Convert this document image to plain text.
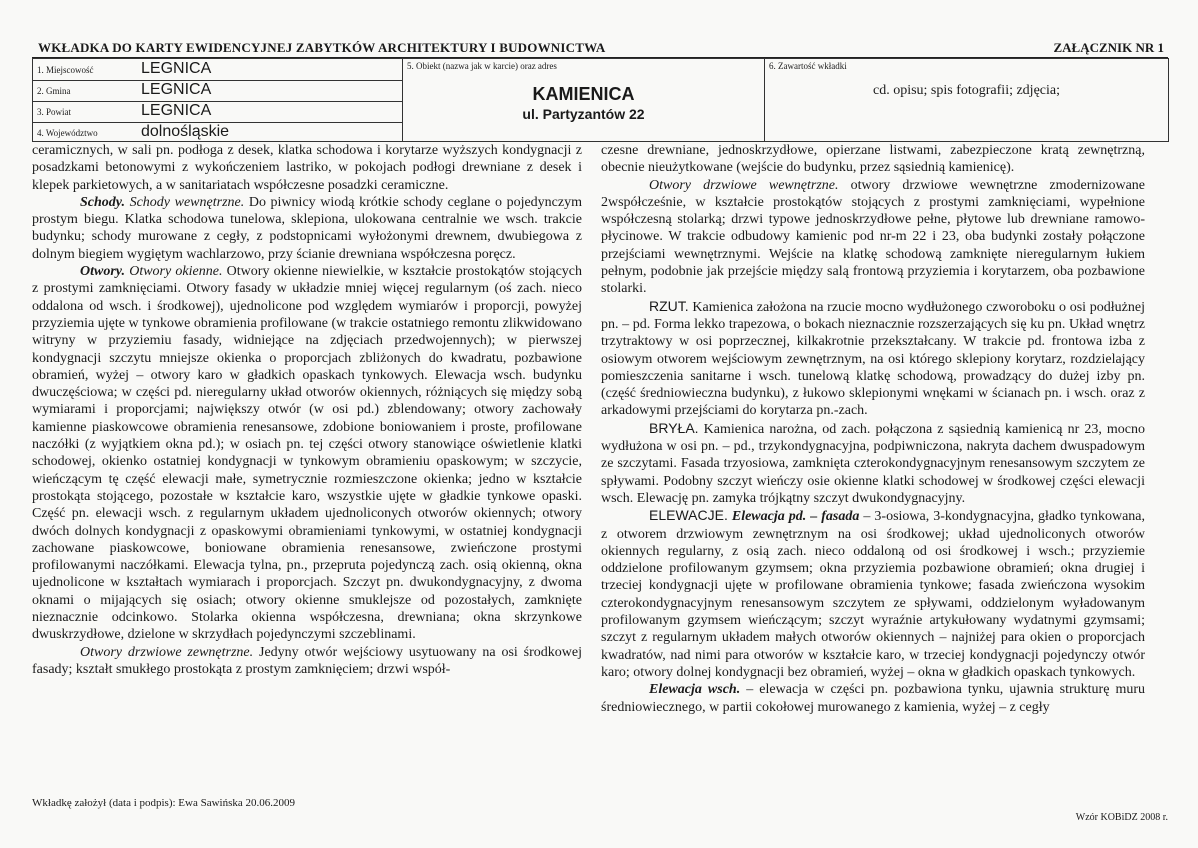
WKŁADKA DO KARTY EWIDENCYJNEJ ZABYTKÓW ARCHITEKTURY I BUDOWNICTWA	ZAŁĄCZNIK NR 1
1. Miejscowość	LEGNICA
2. Gmina	LEGNICA
3. Powiat	LEGNICA
4. Województwo	dolnośląskie
5. Obiekt (nazwa jak w karcie) oraz adres
KAMIENICA
ul. Partyzantów 22
6. Zawartość wkładki
cd. opisu; spis fotografii; zdjęcia;

ceramicznych, w sali pn. podłoga z desek, klatka schodowa i korytarze wyższych kondygnacji z posadzkami betonowymi z wykończeniem lastriko, w pokojach podłogi drewniane z desek i klepek parkietowych, a w sanitariatach współczesne posadzki ceramiczne.

Schody. Schody wewnętrzne. Do piwnicy wiodą krótkie schody ceglane o pojedynczym prostym biegu. Klatka schodowa tunelowa, sklepiona, ulokowana centralnie we wsch. trakcie budynku; schody murowane z cegły, z podstopnicami wyłożonymi drewnem, dwubiegowa z dolnym biegiem wygiętym wachlarzowo, przy ścianie drewniana współczesna poręcz.

Otwory. Otwory okienne. Otwory okienne niewielkie, w kształcie prostokątów stojących z prostymi zamknięciami. Otwory fasady w układzie mniej więcej regularnym (oś zach. nieco oddalona od wsch. i środkowej), ujednolicone pod względem wymiarów i proporcji, powyżej przyziemia ujęte w tynkowe obramienia profilowane (w trakcie ostatniego remontu zlikwidowano witryny w przyziemiu fasady, widniejące na zdjęciach przedwojennych); w pierwszej kondygnacji szczytu mniejsze okienka o proporcjach zbliżonych do kwadratu, pozbawione obramień, wyżej – otwory karo w gładkich opaskach tynkowych. Elewacja wsch. budynku dwuczęściowa; w części pd. nieregularny układ otworów okiennych, różniących się między sobą wymiarami i proporcjami; największy otwór (w osi pd.) zblendowany; otwory zachowały kamienne piaskowcowe obramienia renesansowe, zdobione boniowaniem i proste, profilowane naczółki (z wyjątkiem okna pd.); w osiach pn. tej części otwory stanowiące oświetlenie klatki schodowej, okienko ostatniej kondygnacji w tynkowym obramieniu opaskowym; w szczycie, wieńczącym tę część elewacji małe, symetrycznie rozmieszczone okienka; jedno w kształcie prostokąta stojącego, pozostałe w kształcie karo, wszystkie ujęte w gładkie tynkowe opaski. Część pn. elewacji wsch. z regularnym układem ujednoliconych otworów okiennych; otwory dwóch dolnych kondygnacji z opaskowymi obramieniami tynkowymi, w ostatniej kondygnacji zachowane piaskowcowe, boniowane obramienia renesansowe, zwieńczone prostymi profilowanymi naczółkami. Elewacja tylna, pn., przepruta pojedynczą zach. osią okienną, okna ujednolicone w kształtach wymiarach i proporcjach. Szczyt pn. dwukondygnacyjny, z dwoma oknami o mijających się osiach; otwory okienne smuklejsze od pozostałych, zamknięte nieznacznie odcinkowo. Stolarka okienna współczesna, drewniana; okna skrzynkowe dwuskrzydłowe, dzielone w skrzydłach pojedynczymi szczeblinami.

Otwory drzwiowe zewnętrzne. Jedyny otwór wejściowy usytuowany na osi środkowej fasady; kształt smukłego prostokąta z prostym zamknięciem; drzwi współ-

czesne drewniane, jednoskrzydłowe, opierzane listwami, zabezpieczone kratą zewnętrzną, obecnie nieużytkowane (wejście do budynku, przez sąsiednią kamienicę).

Otwory drzwiowe wewnętrzne. otwory drzwiowe wewnętrzne zmodernizowane 2współcześnie, w kształcie prostokątów stojących z prostymi zamknięciami, wypełnione współczesną stolarką; drzwi typowe jednoskrzydłowe pełne, płytowe lub drewniane ramowo-płycinowe. W trakcie odbudowy kamienic pod nr-m 22 i 23, oba budynki zostały połączone przejściami wewnętrznymi. Wejście na klatkę schodową zamknięte nieregularnym łukiem pełnym, podobnie jak przejście między salą frontową przyziemia i korytarzem, oba pozbawione stolarki.

RZUT. Kamienica założona na rzucie mocno wydłużonego czworoboku o osi podłużnej pn. – pd. Forma lekko trapezowa, o bokach nieznacznie rozszerzających się ku pn. Układ wnętrz trzytraktowy w osi poprzecznej, kilkakrotnie przekształcany. W trakcie pd. frontowa izba z osiowym otworem wejściowym zewnętrznym, na osi którego sklepiony korytarz, rozdzielający pomieszczenia sanitarne i wsch. tunelową klatkę schodową, prowadzący do dużej izby pn. (część średniowieczna budynku), z łukowo sklepionymi wnękami w ścianach pn. i wsch. oraz z arkadowymi przejściami do korytarza pn.-zach.

BRYŁA. Kamienica narożna, od zach. połączona z sąsiednią kamienicą nr 23, mocno wydłużona w osi pn. – pd., trzykondygnacyjna, podpiwniczona, nakryta dachem dwuspadowym ze szczytami. Fasada trzyosiowa, zamknięta czterokondygnacyjnym renesansowym szczytem ze spływami. Podobny szczyt wieńczy osie okienne klatki schodowej w środkowej części elewacji wsch. Elewację pn. zamyka trójkątny szczyt dwukondygnacyjny.

ELEWACJE. Elewacja pd. – fasada – 3-osiowa, 3-kondygnacyjna, gładko tynkowana, z otworem drzwiowym zewnętrznym na osi środkowej; układ ujednoliconych otworów okiennych regularny, z osią zach. nieco oddaloną od osi środkowej i wsch.; przyziemie oddzielone profilowanym gzymsem; okna przyziemia pozbawione obramień; okna drugiej i trzeciej kondygnacji ujęte w profilowane obramienia tynkowe; fasada zwieńczona wysokim czterokondygnacyjnym renesansowym szczytem ze spływami, oddzielonym wyładowanym profilowanym gzymsem wieńczącym; szczyt wyraźnie artykułowany wydatnymi gzymsami; szczyt z regularnym układem małych otworów okiennych – najniżej para okien o proporcjach kwadratów, nad nimi para otworów w kształcie karo, w trzeciej kondygnacji pojedynczy otwór karo; otwory dolnej kondygnacji bez obramień, wyżej – okna w gładkich opaskach tynkowych.

Elewacja wsch. – elewacja w części pn. pozbawiona tynku, ujawnia strukturę muru średniowiecznego, w partii cokołowej murowanego z kamienia, wyżej – z cegły

Wkładkę założył (data i podpis): Ewa Sawińska 20.06.2009
Wzór KOBiDZ 2008 r.
